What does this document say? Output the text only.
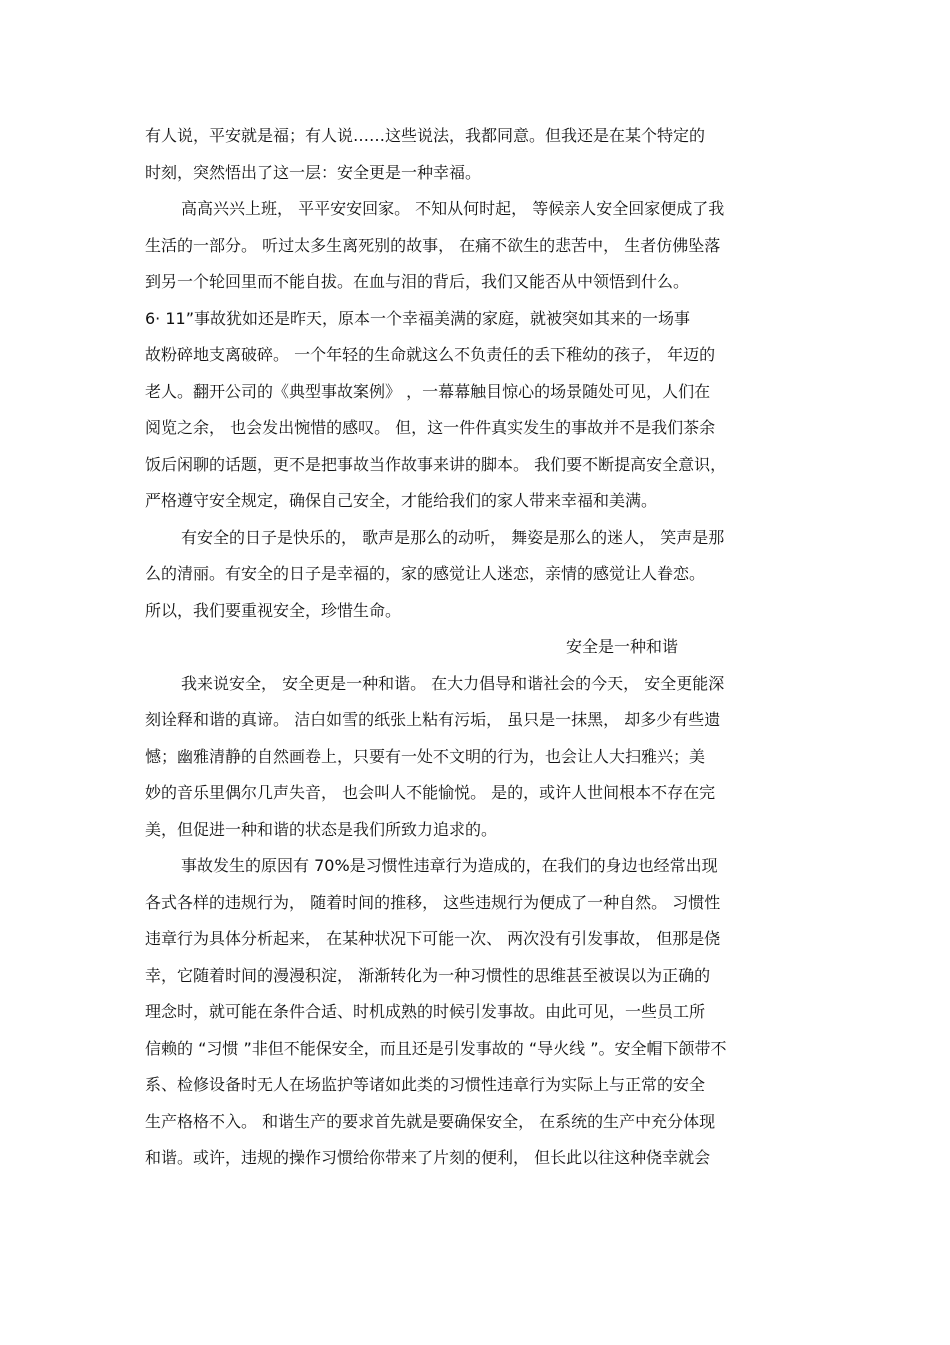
有人说，平安就是福；有人说……这些说法，我都同意。但我还是在某个特定的
时刻，突然悟出了这一层：安全更是一种幸福。
高高兴兴上班， 平平安安回家。 不知从何时起， 等候亲人安全回家便成了我
生活的一部分。 听过太多生离死别的故事， 在痛不欲生的悲苦中， 生者仿佛坠落
到另一个轮回里而不能自拔。在血与泪的背后，我们又能否从中领悟到什么。
6· 11”事故犹如还是昨天，原本一个幸福美满的家庭，就被突如其来的一场事
故粉碎地支离破碎。 一个年轻的生命就这么不负责任的丢下稚幼的孩子， 年迈的
老人。翻开公司的《典型事故案例》 ，一幕幕触目惊心的场景随处可见，人们在
阅览之余， 也会发出惋惜的感叹。 但，这一件件真实发生的事故并不是我们茶余
饭后闲聊的话题，更不是把事故当作故事来讲的脚本。 我们要不断提高安全意识，
严格遵守安全规定，确保自己安全，才能给我们的家人带来幸福和美满。
有安全的日子是快乐的， 歌声是那么的动听， 舞姿是那么的迷人， 笑声是那
么的清丽。有安全的日子是幸福的，家的感觉让人迷恋，亲情的感觉让人眷恋。
所以，我们要重视安全，珍惜生命。
安全是一种和谐
我来说安全， 安全更是一种和谐。 在大力倡导和谐社会的今天， 安全更能深
刻诠释和谐的真谛。 洁白如雪的纸张上粘有污垢， 虽只是一抹黑， 却多少有些遗
憾；幽雅清静的自然画卷上，只要有一处不文明的行为，也会让人大扫雅兴；美
妙的音乐里偶尔几声失音， 也会叫人不能愉悦。 是的，或许人世间根本不存在完
美，但促进一种和谐的状态是我们所致力追求的。
事故发生的原因有 70%是习惯性违章行为造成的，在我们的身边也经常出现
各式各样的违规行为， 随着时间的推移， 这些违规行为便成了一种自然。 习惯性
违章行为具体分析起来， 在某种状况下可能一次、 两次没有引发事故， 但那是侥
幸，它随着时间的漫漫积淀， 渐渐转化为一种习惯性的思维甚至被误以为正确的
理念时，就可能在条件合适、时机成熟的时候引发事故。由此可见，一些员工所
信赖的 “习惯 ”非但不能保安全，而且还是引发事故的 “导火线 ”。安全帽下颌带不
系、检修设备时无人在场监护等诸如此类的习惯性违章行为实际上与正常的安全
生产格格不入。 和谐生产的要求首先就是要确保安全， 在系统的生产中充分体现
和谐。或许，违规的操作习惯给你带来了片刻的便利， 但长此以往这种侥幸就会
